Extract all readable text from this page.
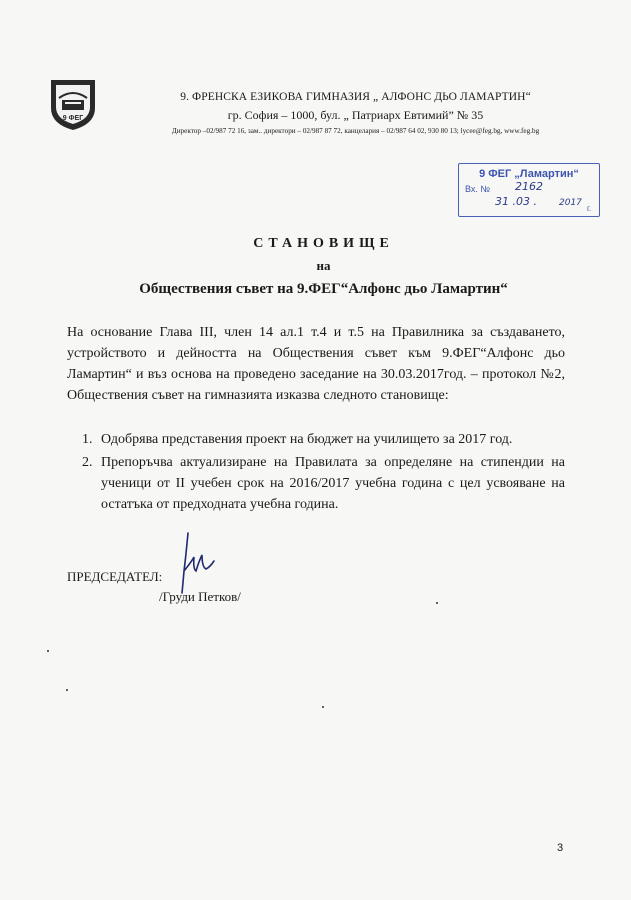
9 ФЕГ
9. ФРЕНСКА ЕЗИКОВА ГИМНАЗИЯ „ АЛФОНС ДЬО ЛАМАРТИН“
гр. София – 1000, бул. „ Патриарх Евтимий” № 35
Директор –02/987 72 16, зам.. директори – 02/987 87 72, канцелария – 02/987 64 02, 930 80 13; lycee@feg.bg, www.feg.bg
9 ФЕГ „Ламартин“
Вх. № 2162
31 .03 . 2017
г.
СТАНОВИЩЕ
на
Обществения съвет на 9.ФЕГ“Алфонс дьо Ламартин“
На основание Глава III, член 14 ал.1 т.4 и т.5 на Правилника за създаването, устройството и дейността на Обществения съвет към 9.ФЕГ“Алфонс дьо Ламартин“ и въз основа на проведено заседание на 30.03.2017год. – протокол №2, Обществения съвет на гимназията изказва следното становище:
1. Одобрява представения проект на бюджет на училището за 2017 год.
2. Препоръчва актуализиране на Правилата за определяне на стипендии на ученици от II учебен срок на 2016/2017 учебна година с цел усвояване на остатъка от предходната учебна година.
ПРЕДСЕДАТЕЛ:
/Груди Петков/
3
